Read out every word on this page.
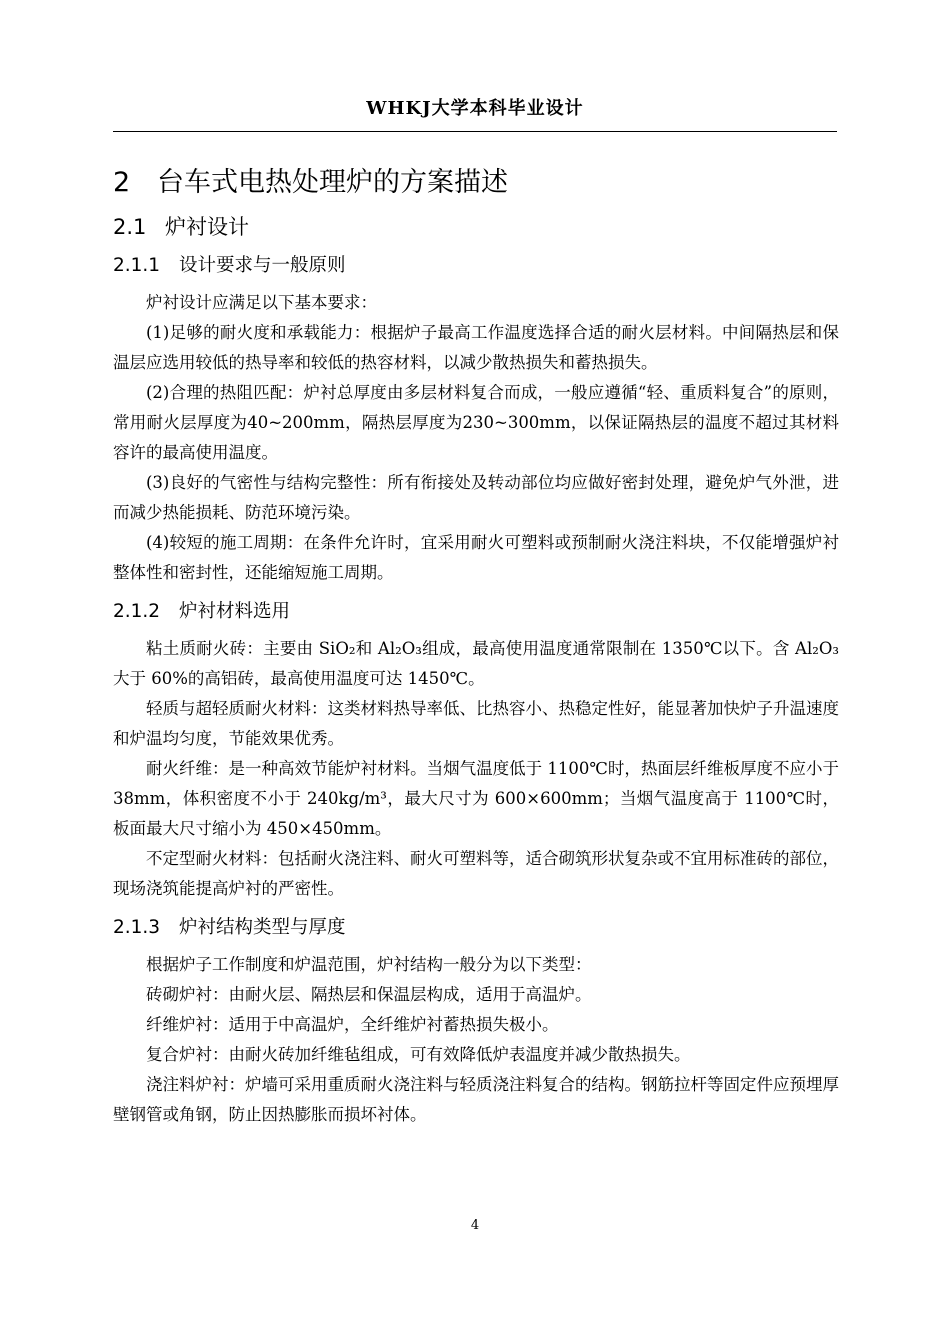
WHKJ大学本科毕业设计
2 台车式电热处理炉的方案描述
2.1 炉衬设计
2.1.1 设计要求与一般原则

炉衬设计应满足以下基本要求：

(1)足够的耐火度和承载能力：根据炉子最高工作温度选择合适的耐火层材料。中间隔热层和保温层应选用较低的热导率和较低的热容材料，以减少散热损失和蓄热损失。

(2)合理的热阻匹配：炉衬总厚度由多层材料复合而成，一般应遵循“轻、重质料复合”的原则，常用耐火层厚度为40~200mm，隔热层厚度为230~300mm，以保证隔热层的温度不超过其材料容许的最高使用温度。

(3)良好的气密性与结构完整性：所有衔接处及转动部位均应做好密封处理，避免炉气外泄，进而减少热能损耗、防范环境污染。

(4)较短的施工周期：在条件允许时，宜采用耐火可塑料或预制耐火浇注料块，不仅能增强炉衬整体性和密封性，还能缩短施工周期。

2.1.2 炉衬材料选用

粘土质耐火砖：主要由 SiO₂和 Al₂O₃组成，最高使用温度通常限制在 1350℃以下。含 Al₂O₃大于 60%的高铝砖，最高使用温度可达 1450℃。

轻质与超轻质耐火材料：这类材料热导率低、比热容小、热稳定性好，能显著加快炉子升温速度和炉温均匀度，节能效果优秀。

耐火纤维：是一种高效节能炉衬材料。当烟气温度低于 1100℃时，热面层纤维板厚度不应小于 38mm，体积密度不小于 240kg/m³，最大尺寸为 600×600mm；当烟气温度高于 1100℃时，板面最大尺寸缩小为 450×450mm。

不定型耐火材料：包括耐火浇注料、耐火可塑料等，适合砌筑形状复杂或不宜用标准砖的部位，现场浇筑能提高炉衬的严密性。

2.1.3 炉衬结构类型与厚度

根据炉子工作制度和炉温范围，炉衬结构一般分为以下类型：

砖砌炉衬：由耐火层、隔热层和保温层构成，适用于高温炉。

纤维炉衬：适用于中高温炉，全纤维炉衬蓄热损失极小。

复合炉衬：由耐火砖加纤维毡组成，可有效降低炉表温度并减少散热损失。

浇注料炉衬：炉墙可采用重质耐火浇注料与轻质浇注料复合的结构。钢筋拉杆等固定件应预埋厚壁钢管或角钢，防止因热膨胀而损坏衬体。

4
